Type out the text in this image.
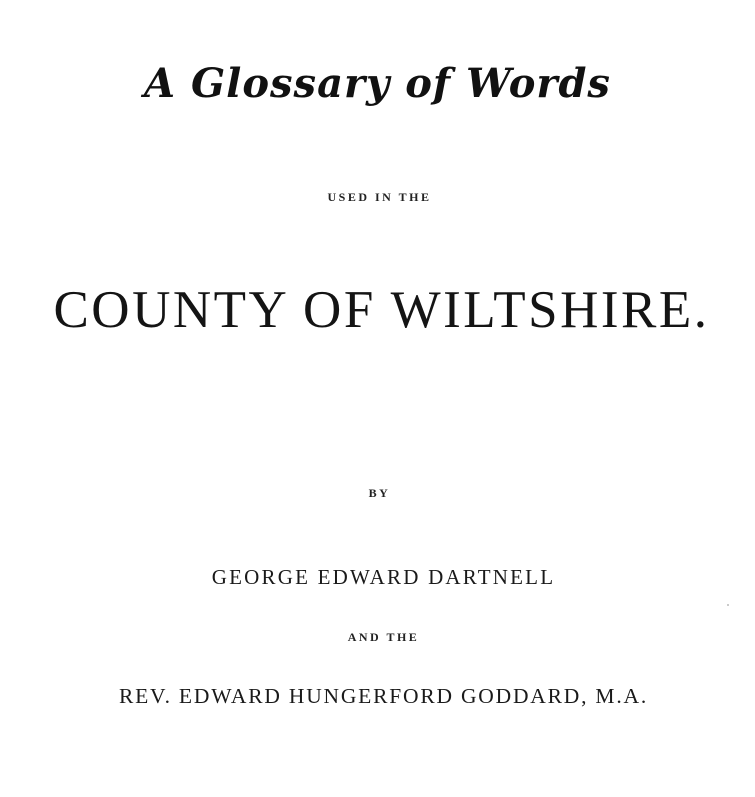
A Glossary of Words
USED IN THE
COUNTY OF WILTSHIRE.
BY
GEORGE EDWARD DARTNELL
AND THE
REV. EDWARD HUNGERFORD GODDARD, M.A.
